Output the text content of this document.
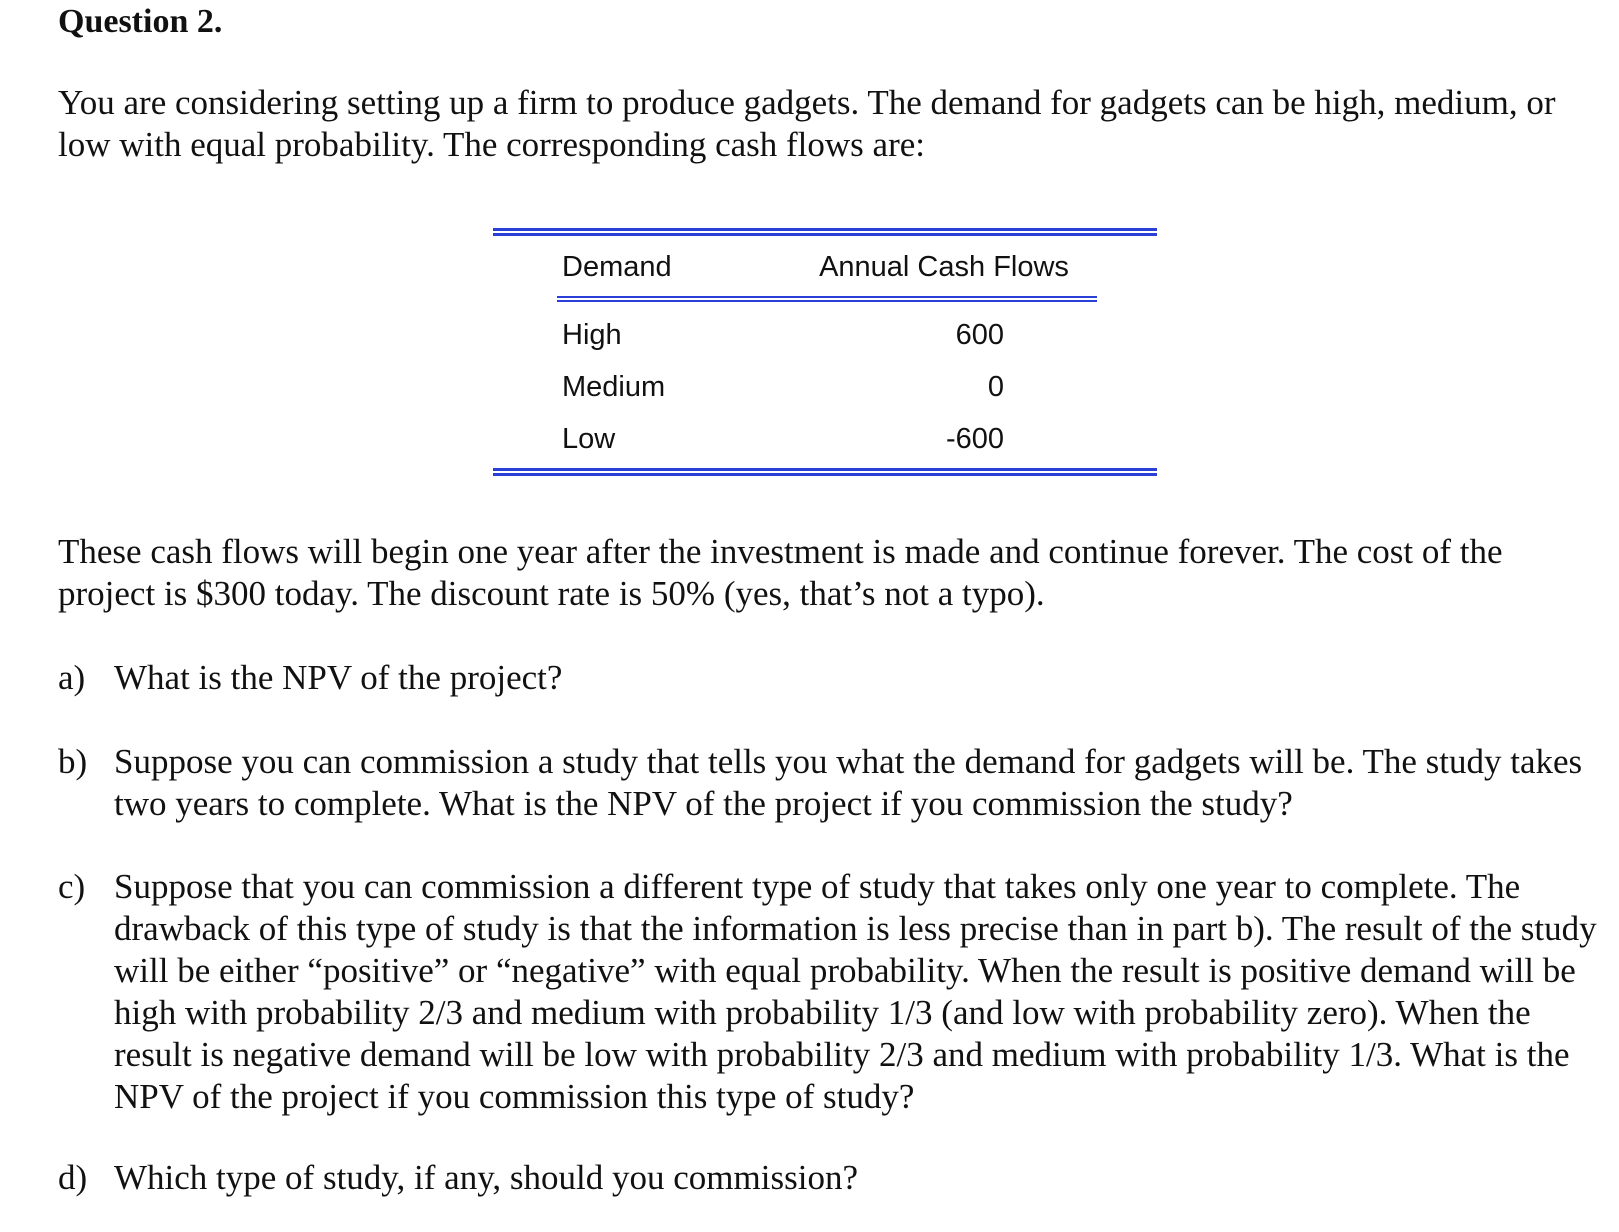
Question 2.

You are considering setting up a firm to produce gadgets. The demand for gadgets can be high, medium, or low with equal probability. The corresponding cash flows are:

Demand	Annual Cash Flows
High	600
Medium	0
Low	-600

These cash flows will begin one year after the investment is made and continue forever. The cost of the project is $300 today. The discount rate is 50% (yes, that’s not a typo).

a) What is the NPV of the project?
b) Suppose you can commission a study that tells you what the demand for gadgets will be. The study takes two years to complete. What is the NPV of the project if you commission the study?
c) Suppose that you can commission a different type of study that takes only one year to complete. The drawback of this type of study is that the information is less precise than in part b). The result of the study will be either “positive” or “negative” with equal probability. When the result is positive demand will be high with probability 2/3 and medium with probability 1/3 (and low with probability zero). When the result is negative demand will be low with probability 2/3 and medium with probability 1/3. What is the NPV of the project if you commission this type of study?
d) Which type of study, if any, should you commission?
